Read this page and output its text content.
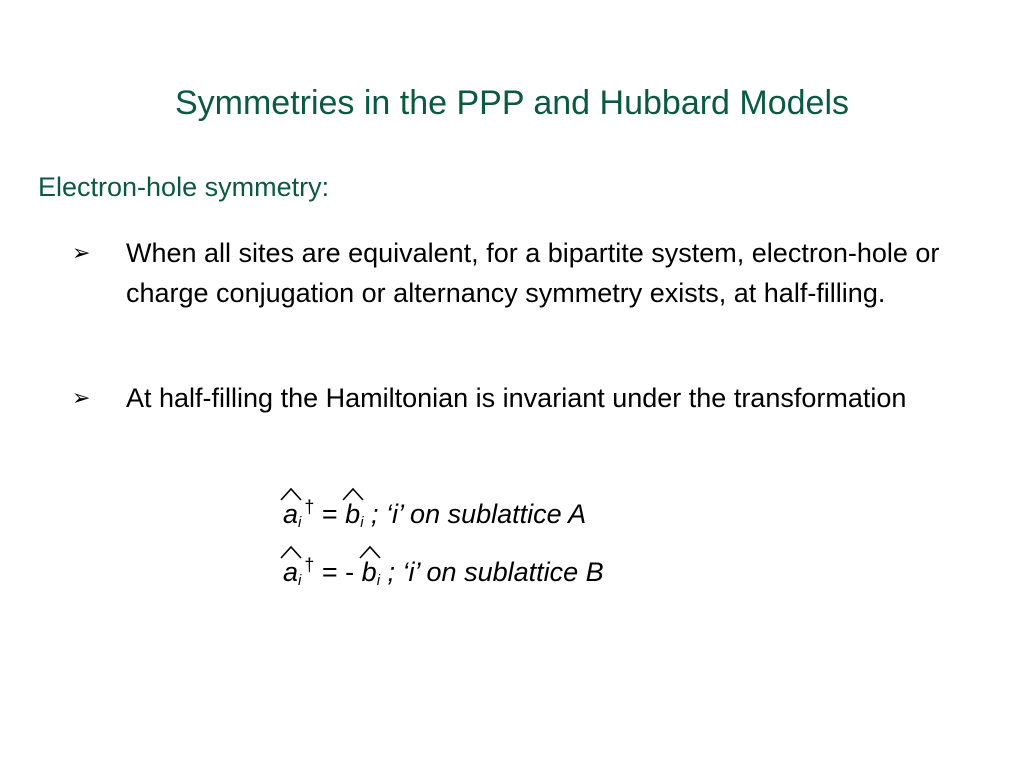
Symmetries in the PPP and Hubbard Models
Electron-hole symmetry:
➢	When all sites are equivalent, for a bipartite system, electron-hole or charge conjugation or alternancy symmetry exists, at half-filling.
➢	At half-filling the Hamiltonian is invariant under the transformation
$a_i^\dagger$ =
$b_i$ ; ‘i’ on sublattice A
$a_i^\dagger$ = -
$b_i$ ; ‘i’ on sublattice B
